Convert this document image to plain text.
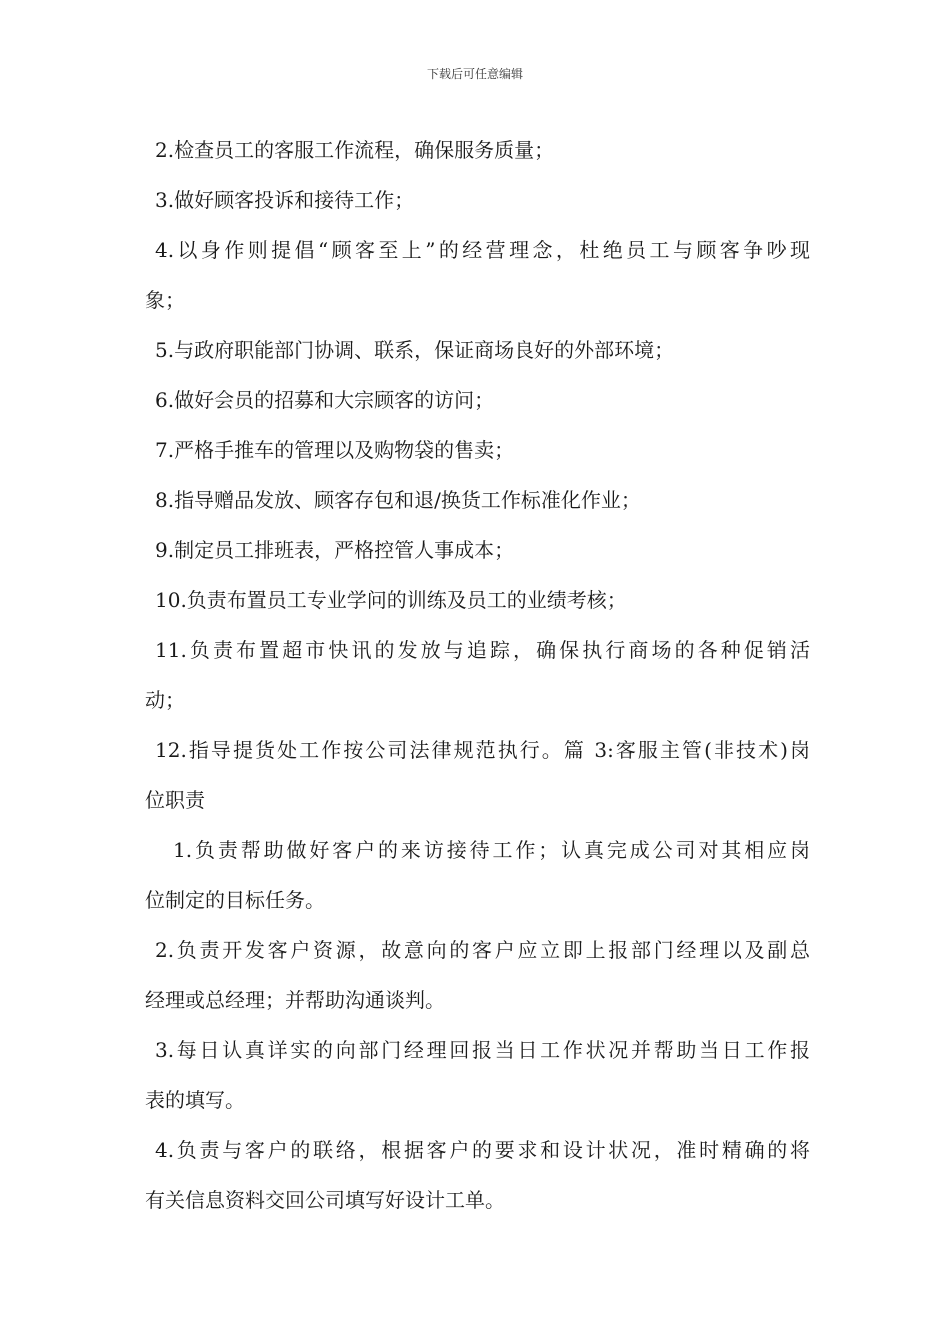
下载后可任意编辑
2.检查员工的客服工作流程，确保服务质量；
3.做好顾客投诉和接待工作；
4.以身作则提倡“顾客至上”的经营理念，杜绝员工与顾客争吵现
象；
5.与政府职能部门协调、联系，保证商场良好的外部环境；
6.做好会员的招募和大宗顾客的访问；
7.严格手推车的管理以及购物袋的售卖；
8.指导赠品发放、顾客存包和退/换货工作标准化作业；
9.制定员工排班表，严格控管人事成本；
10.负责布置员工专业学问的训练及员工的业绩考核；
11.负责布置超市快讯的发放与追踪，确保执行商场的各种促销活
动；
12.指导提货处工作按公司法律规范执行。篇 3:客服主管(非技术)岗
位职责
1.负责帮助做好客户的来访接待工作；认真完成公司对其相应岗
位制定的目标任务。
2.负责开发客户资源，故意向的客户应立即上报部门经理以及副总
经理或总经理；并帮助沟通谈判。
3.每日认真详实的向部门经理回报当日工作状况并帮助当日工作报
表的填写。
4.负责与客户的联络，根据客户的要求和设计状况，准时精确的将
有关信息资料交回公司填写好设计工单。
